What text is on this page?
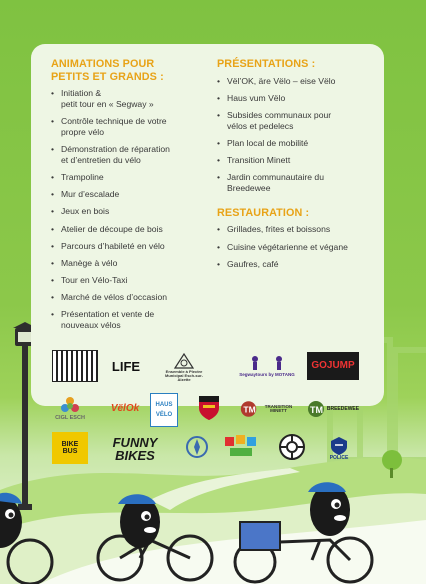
ANIMATIONS POUR
PETITS ET GRANDS :
• Initiation &
petit tour en « Segway »
• Contrôle technique de votre
propre vélo
• Démonstration de réparation
et d’entretien du vélo
• Trampoline
• Mur d’escalade
• Jeux en bois
• Atelier de découpe de bois
• Parcours d’habileté en vélo
• Manège à vélo
• Tour en Vélo-Taxi
• Marché de vélos d’occasion
• Présentation et vente de
nouveaux vélos
PRÉSENTATIONS :
• Vël’OK, äre Vëlo – eise Vëlo
• Haus vum Vëlo
• Subsides communaux pour
vélos et pedelecs
• Plan local de mobilité
• Transition Minett
• Jardin communautaire du
Breedewee
RESTAURATION :
• Grillades, frites et boissons
• Cuisine végétarienne et végane
• Gaufres, café
LIFE	Ensemble à Plectre Municipal Esch-sur-Alzette
Segwaytours by MOTANG
GOJUMP
CIGL ESCH
VëlOk	HAUS
VËLO
TM	TRANSITION MINETT	TM BREEDEWEE
BIKE
BUS
FUNNY
BIKES	POLICE
